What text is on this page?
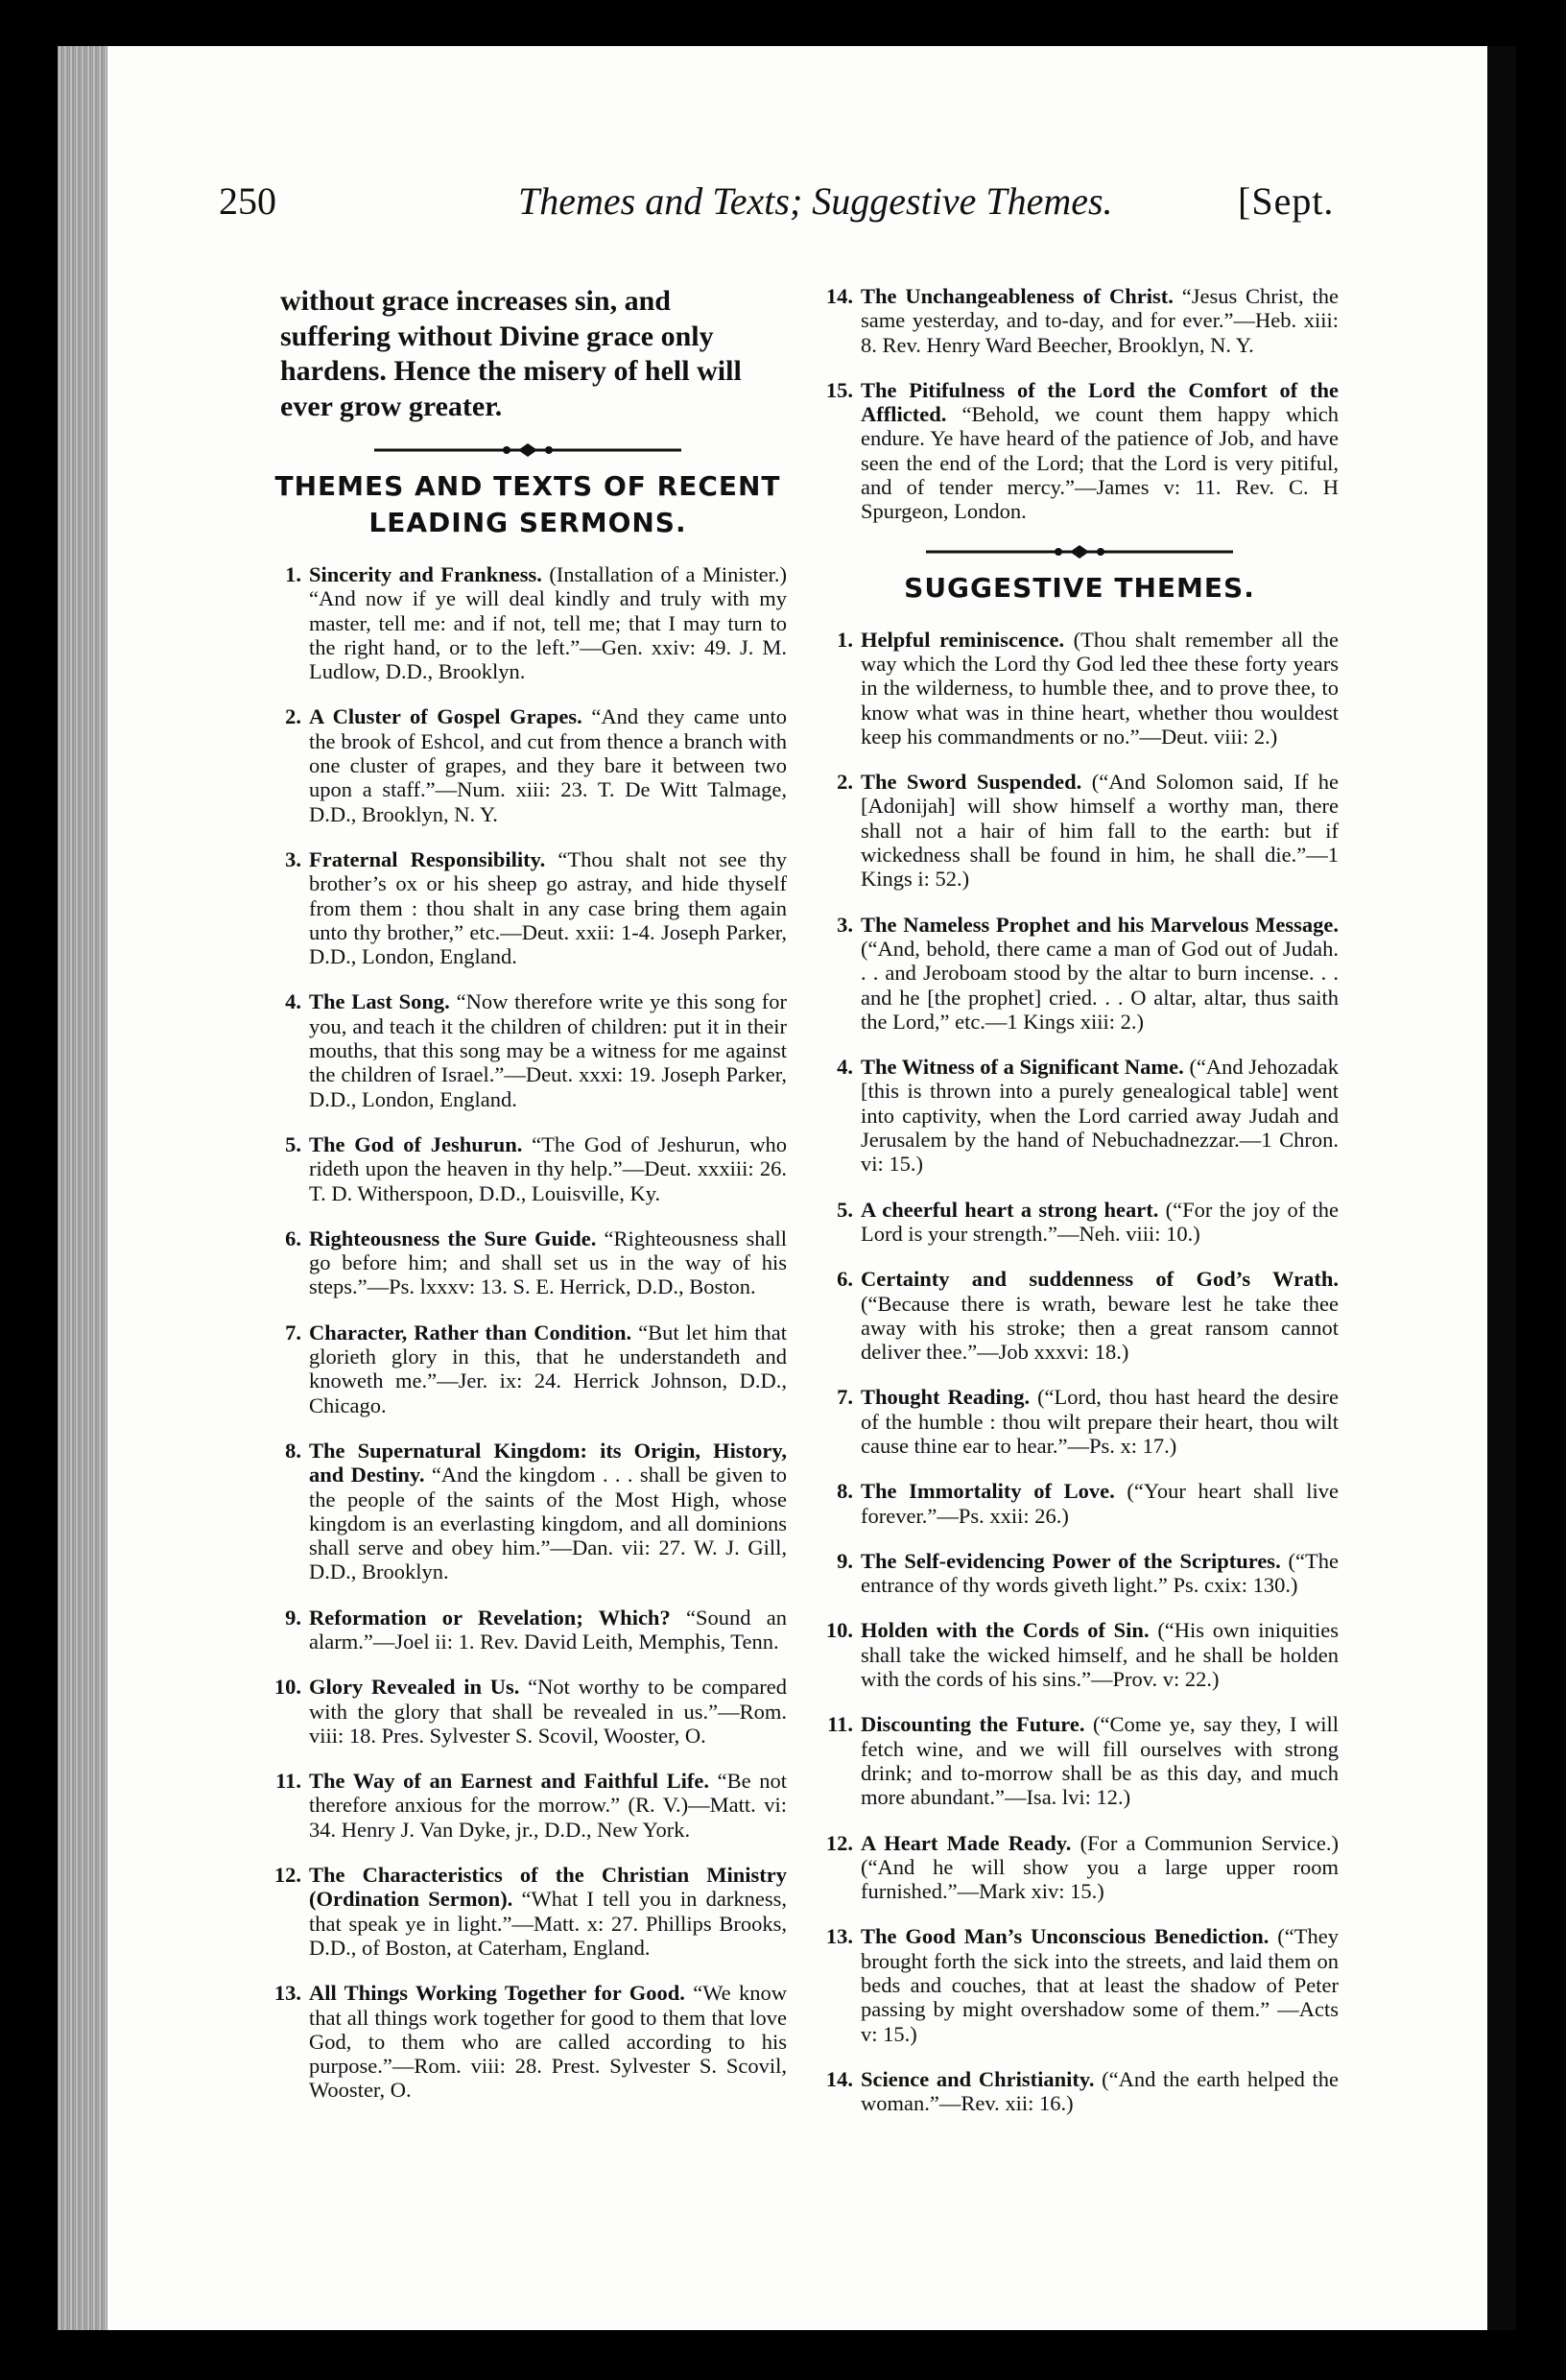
250	Themes and Texts; Suggestive Themes.	[Sept.
without grace increases sin, and suffering without Divine grace only hardens. Hence the misery of hell will ever grow greater.
THEMES AND TEXTS OF RECENT LEADING SERMONS.
1. Sincerity and Frankness. (Installation of a Minister.) “And now if ye will deal kindly and truly with my master, tell me: and if not, tell me; that I may turn to the right hand, or to the left.”—Gen. xxiv: 49. J. M. Ludlow, D.D., Brooklyn.
2. A Cluster of Gospel Grapes. “And they came unto the brook of Eshcol, and cut from thence a branch with one cluster of grapes, and they bare it between two upon a staff.”—Num. xiii: 23. T. De Witt Talmage, D.D., Brooklyn, N. Y.
3. Fraternal Responsibility. “Thou shalt not see thy brother’s ox or his sheep go astray, and hide thyself from them : thou shalt in any case bring them again unto thy brother,” etc.—Deut. xxii: 1-4. Joseph Parker, D.D., London, England.
4. The Last Song. “Now therefore write ye this song for you, and teach it the children of children: put it in their mouths, that this song may be a witness for me against the children of Israel.”—Deut. xxxi: 19. Joseph Parker, D.D., London, England.
5. The God of Jeshurun. “The God of Jeshurun, who rideth upon the heaven in thy help.”—Deut. xxxiii: 26. T. D. Witherspoon, D.D., Louisville, Ky.
6. Righteousness the Sure Guide. “Righteousness shall go before him; and shall set us in the way of his steps.”—Ps. lxxxv: 13. S. E. Herrick, D.D., Boston.
7. Character, Rather than Condition. “But let him that glorieth glory in this, that he understandeth and knoweth me.”—Jer. ix: 24. Herrick Johnson, D.D., Chicago.
8. The Supernatural Kingdom: its Origin, History, and Destiny. “And the kingdom . . . shall be given to the people of the saints of the Most High, whose kingdom is an everlasting kingdom, and all dominions shall serve and obey him.”—Dan. vii: 27. W. J. Gill, D.D., Brooklyn.
9. Reformation or Revelation; Which? “Sound an alarm.”—Joel ii: 1. Rev. David Leith, Memphis, Tenn.
10. Glory Revealed in Us. “Not worthy to be compared with the glory that shall be revealed in us.”—Rom. viii: 18. Pres. Sylvester S. Scovil, Wooster, O.
11. The Way of an Earnest and Faithful Life. “Be not therefore anxious for the morrow.” (R. V.)—Matt. vi: 34. Henry J. Van Dyke, jr., D.D., New York.
12. The Characteristics of the Christian Ministry (Ordination Sermon). “What I tell you in darkness, that speak ye in light.”—Matt. x: 27. Phillips Brooks, D.D., of Boston, at Caterham, England.
13. All Things Working Together for Good. “We know that all things work together for good to them that love God, to them who are called according to his purpose.”—Rom. viii: 28. Prest. Sylvester S. Scovil, Wooster, O.
14. The Unchangeableness of Christ. “Jesus Christ, the same yesterday, and to-day, and for ever.”—Heb. xiii: 8. Rev. Henry Ward Beecher, Brooklyn, N. Y.
15. The Pitifulness of the Lord the Comfort of the Afflicted. “Behold, we count them happy which endure. Ye have heard of the patience of Job, and have seen the end of the Lord; that the Lord is very pitiful, and of tender mercy.”—James v: 11. Rev. C. H Spurgeon, London.
SUGGESTIVE THEMES.
1. Helpful reminiscence. (Thou shalt remember all the way which the Lord thy God led thee these forty years in the wilderness, to humble thee, and to prove thee, to know what was in thine heart, whether thou wouldest keep his commandments or no.”—Deut. viii: 2.)
2. The Sword Suspended. (“And Solomon said, If he [Adonijah] will show himself a worthy man, there shall not a hair of him fall to the earth: but if wickedness shall be found in him, he shall die.”—1 Kings i: 52.)
3. The Nameless Prophet and his Marvelous Message. (“And, behold, there came a man of God out of Judah. . . and Jeroboam stood by the altar to burn incense. . . and he [the prophet] cried. . . O altar, altar, thus saith the Lord,” etc.—1 Kings xiii: 2.)
4. The Witness of a Significant Name. (“And Jehozadak [this is thrown into a purely genealogical table] went into captivity, when the Lord carried away Judah and Jerusalem by the hand of Nebuchadnezzar.—1 Chron. vi: 15.)
5. A cheerful heart a strong heart. (“For the joy of the Lord is your strength.”—Neh. viii: 10.)
6. Certainty and suddenness of God’s Wrath. (“Because there is wrath, beware lest he take thee away with his stroke; then a great ransom cannot deliver thee.”—Job xxxvi: 18.)
7. Thought Reading. (“Lord, thou hast heard the desire of the humble : thou wilt prepare their heart, thou wilt cause thine ear to hear.”—Ps. x: 17.)
8. The Immortality of Love. (“Your heart shall live forever.”—Ps. xxii: 26.)
9. The Self-evidencing Power of the Scriptures. (“The entrance of thy words giveth light.” Ps. cxix: 130.)
10. Holden with the Cords of Sin. (“His own iniquities shall take the wicked himself, and he shall be holden with the cords of his sins.”—Prov. v: 22.)
11. Discounting the Future. (“Come ye, say they, I will fetch wine, and we will fill ourselves with strong drink; and to-morrow shall be as this day, and much more abundant.”—Isa. lvi: 12.)
12. A Heart Made Ready. (For a Communion Service.) (“And he will show you a large upper room furnished.”—Mark xiv: 15.)
13. The Good Man’s Unconscious Benediction. (“They brought forth the sick into the streets, and laid them on beds and couches, that at least the shadow of Peter passing by might overshadow some of them.” —Acts v: 15.)
14. Science and Christianity. (“And the earth helped the woman.”—Rev. xii: 16.)
